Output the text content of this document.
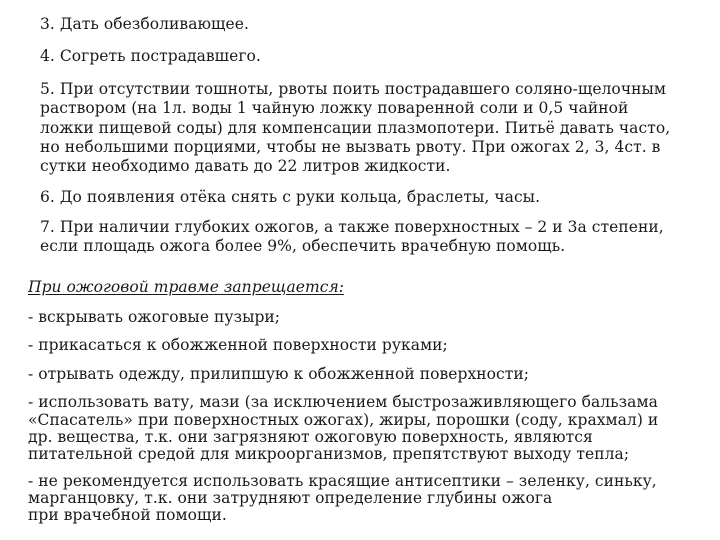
3. Дать обезболивающее.
4. Согреть пострадавшего.
5. При отсутствии тошноты, рвоты поить пострадавшего соляно-щелочным
раствором (на 1л. воды 1 чайную ложку поваренной соли и 0,5 чайной
ложки пищевой соды) для компенсации плазмопотери. Питьё давать часто,
но небольшими порциями, чтобы не вызвать рвоту. При ожогах 2, 3, 4ст. в
сутки необходимо давать до 22 литров жидкости.
6. До появления отёка снять с руки кольца, браслеты, часы.
7. При наличии глубоких ожогов, а также поверхностных – 2 и 3а степени,
если площадь ожога более 9%, обеспечить врачебную помощь.
При ожоговой травме запрещается:
- вскрывать ожоговые пузыри;
- прикасаться к обожженной поверхности руками;
- отрывать одежду, прилипшую к обожженной поверхности;
- использовать вату, мази (за исключением быстрозаживляющего бальзама
«Спасатель» при поверхностных ожогах), жиры, порошки (соду, крахмал) и
др. вещества, т.к. они загрязняют ожоговую поверхность, являются
питательной средой для микроорганизмов, препятствуют выходу тепла;
- не рекомендуется использовать красящие антисептики – зеленку, синьку,
марганцовку, т.к. они затрудняют определение глубины ожога
при врачебной помощи.
